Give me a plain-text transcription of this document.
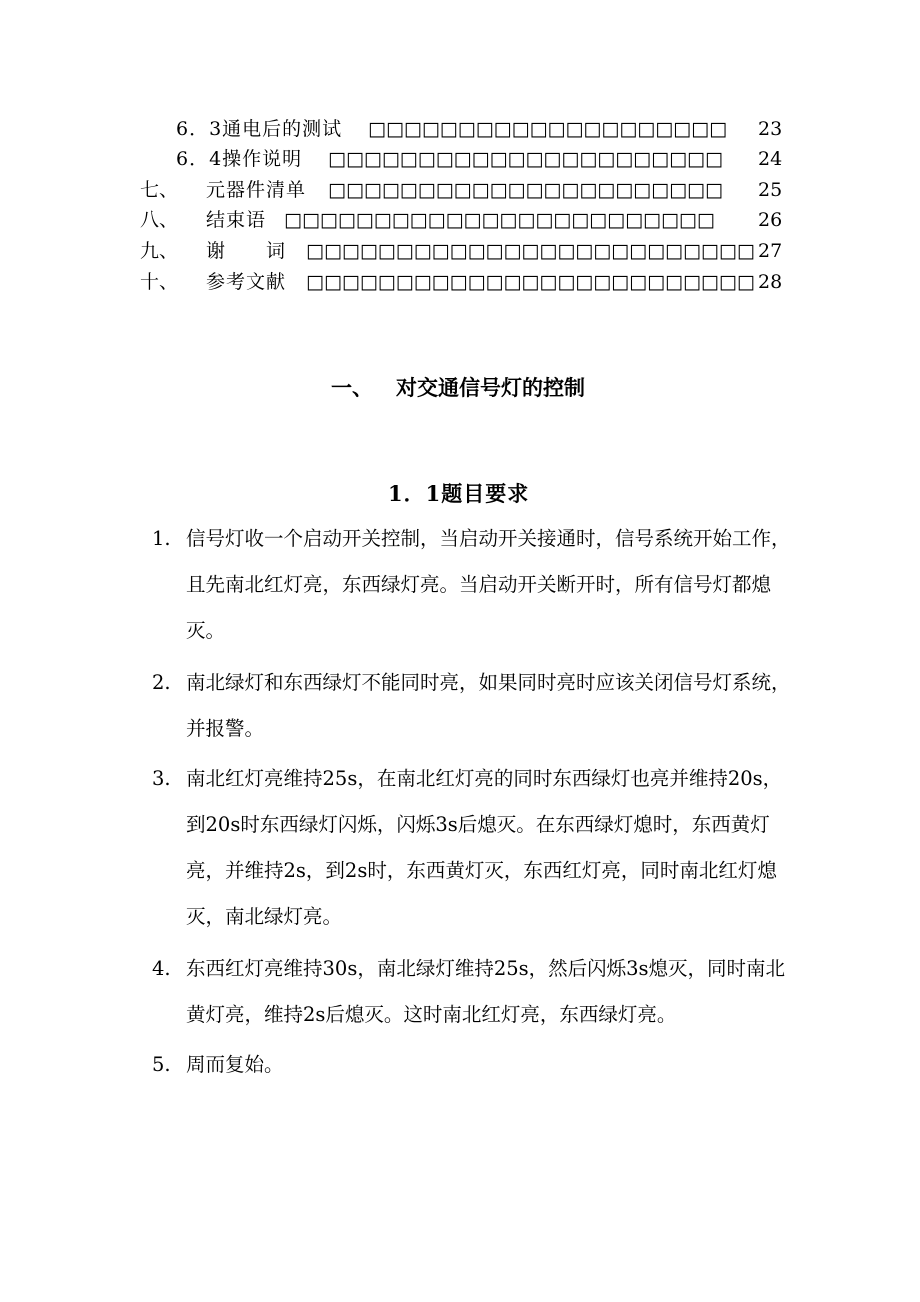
6．3通电后的测试 □□□□□□□□□□□□□□□□□□□□ 23
6．4操作说明 □□□□□□□□□□□□□□□□□□□□□□ 24
七、 元器件清单 □□□□□□□□□□□□□□□□□□□□□□ 25
八、 结束语 □□□□□□□□□□□□□□□□□□□□□□□□ 26
九、 谢　　词 □□□□□□□□□□□□□□□□□□□□□□□□□ 27
十、 参考文献 □□□□□□□□□□□□□□□□□□□□□□□□□ 28
一、 对交通信号灯的控制
1．1题目要求
1. 信号灯收一个启动开关控制，当启动开关接通时，信号系统开始工作，且先南北红灯亮，东西绿灯亮。当启动开关断开时，所有信号灯都熄灭。
2. 南北绿灯和东西绿灯不能同时亮，如果同时亮时应该关闭信号灯系统，并报警。
3. 南北红灯亮维持25s，在南北红灯亮的同时东西绿灯也亮并维持20s，到20s时东西绿灯闪烁，闪烁3s后熄灭。在东西绿灯熄时，东西黄灯亮，并维持2s，到2s时，东西黄灯灭，东西红灯亮，同时南北红灯熄灭，南北绿灯亮。
4. 东西红灯亮维持30s，南北绿灯维持25s，然后闪烁3s熄灭，同时南北黄灯亮，维持2s后熄灭。这时南北红灯亮，东西绿灯亮。
5. 周而复始。
